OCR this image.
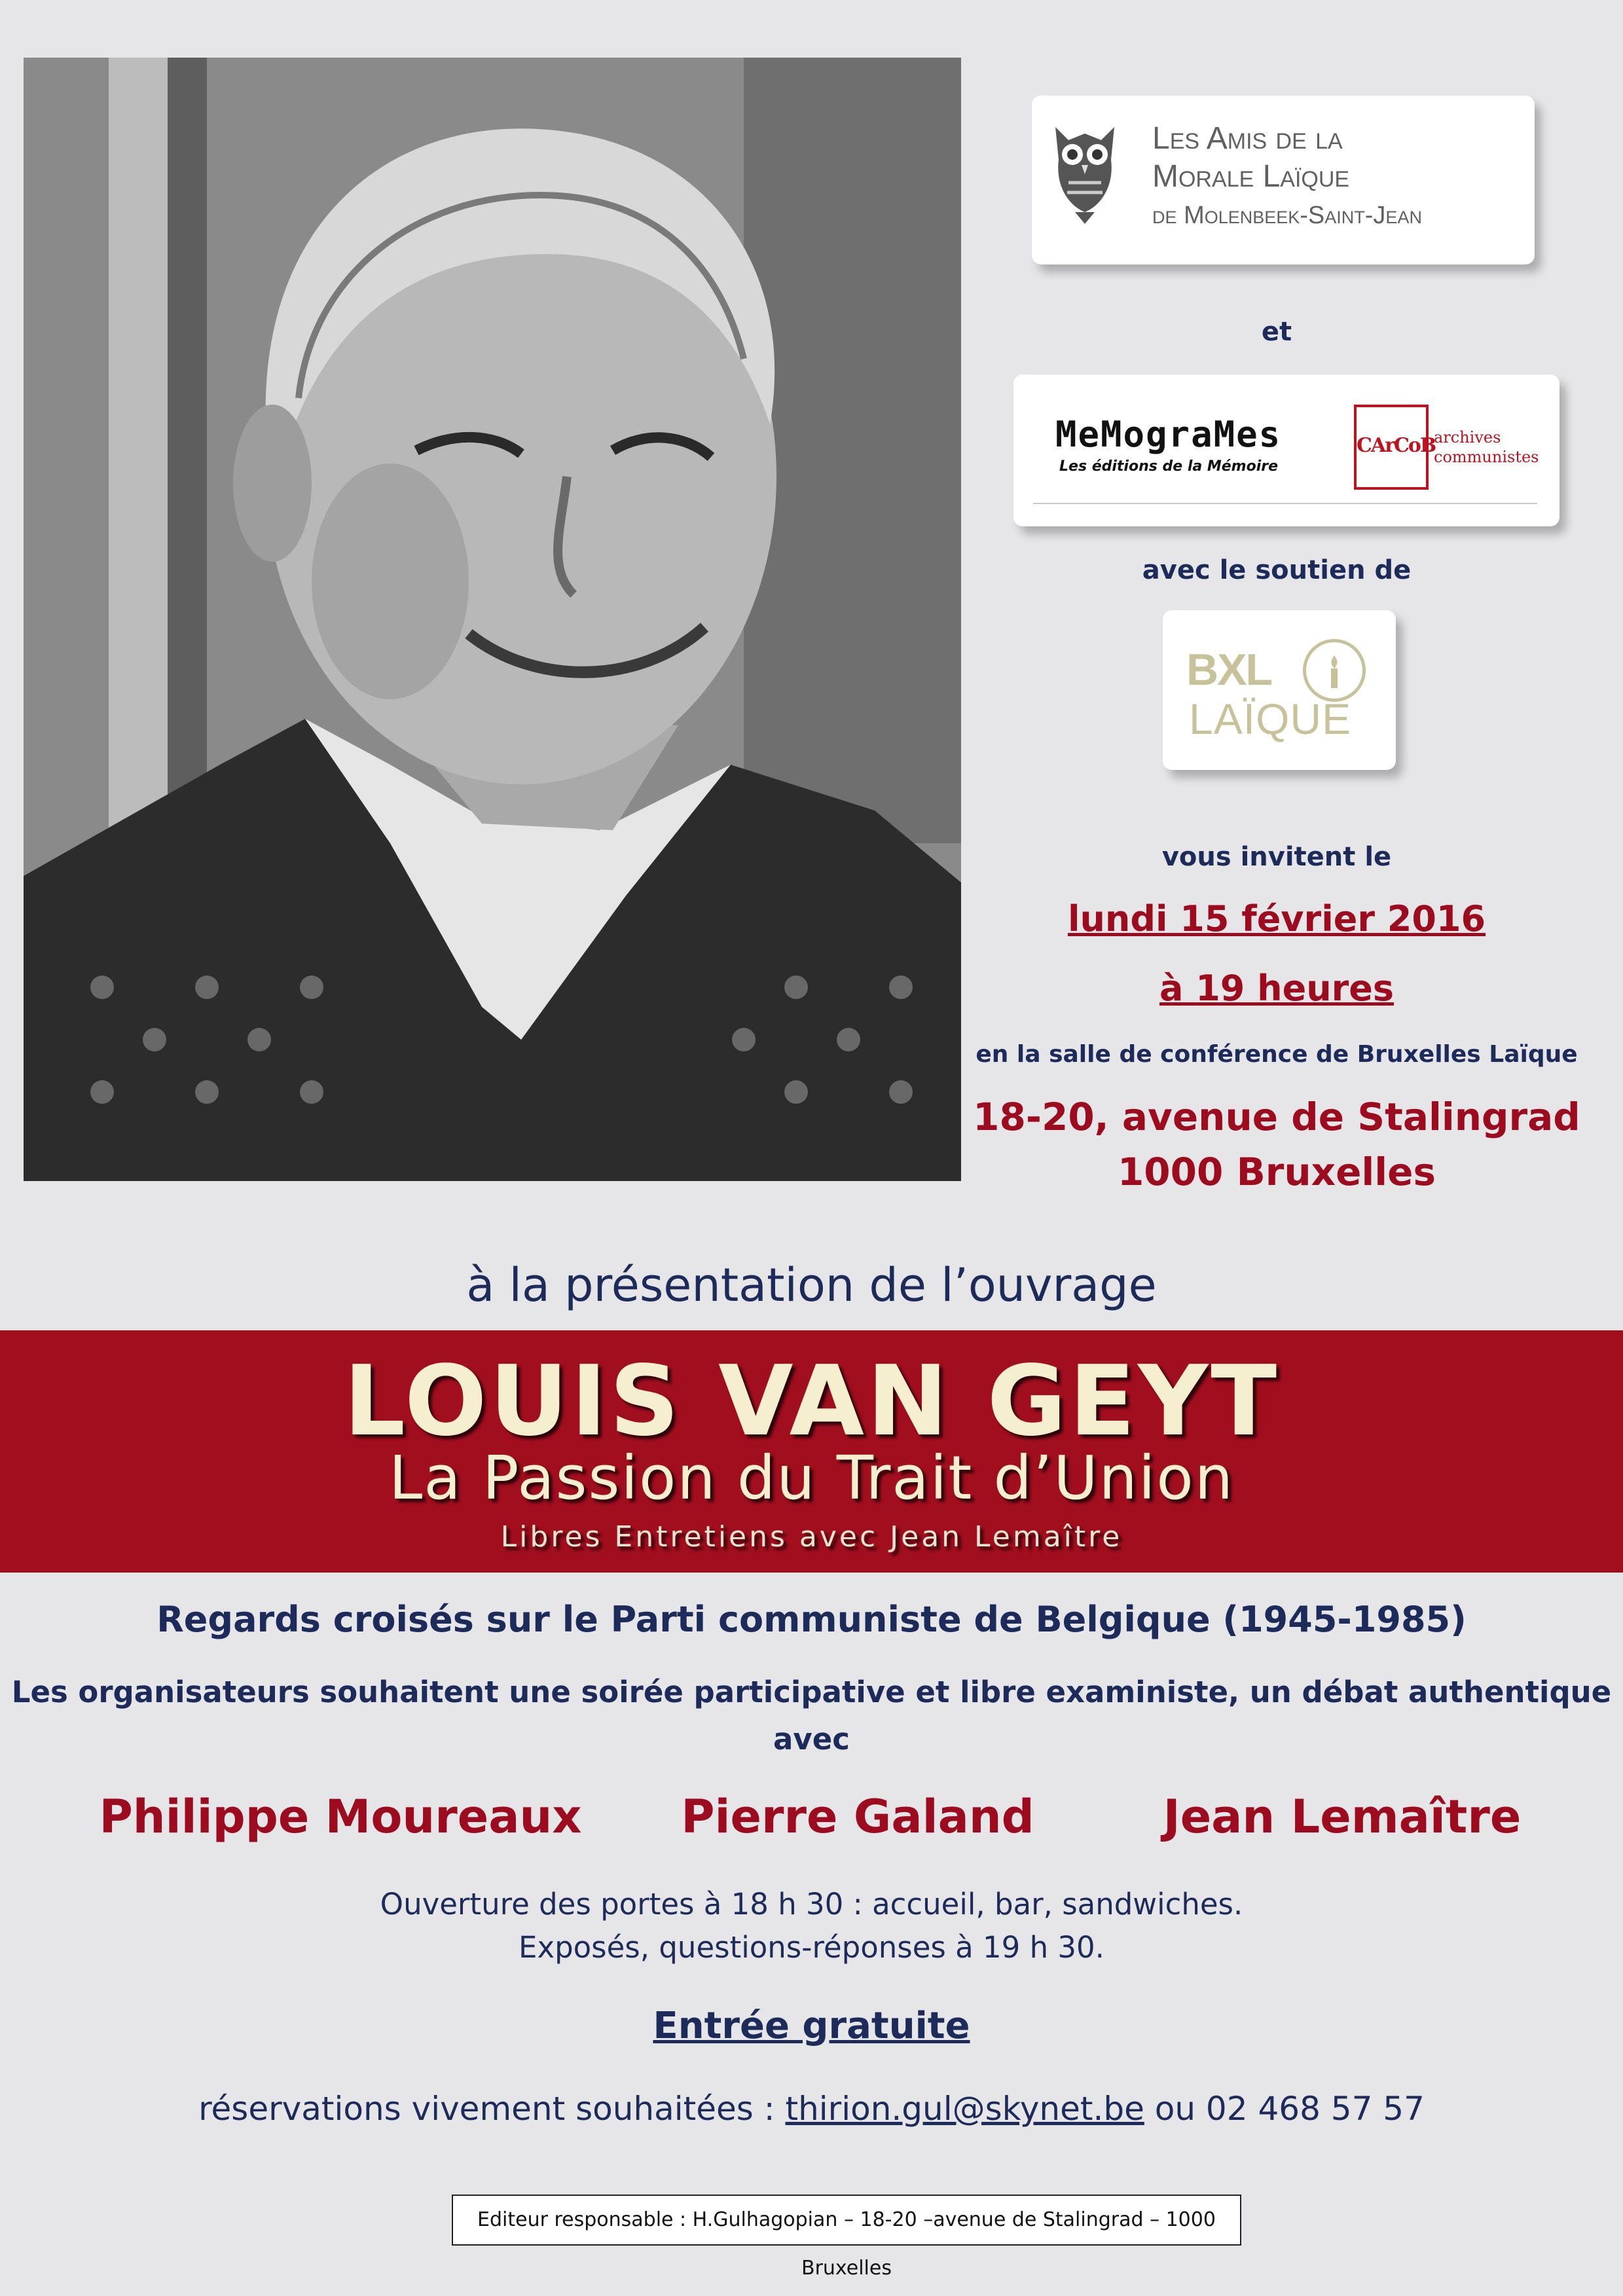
Les Amis de la
Morale Laïque
de Molenbeek-Saint-Jean
et
MeMograMes
Les éditions de la Mémoire
CArCoB
archives
communistes
avec le soutien de
BXL
LAÏQUE
vous invitent le
lundi 15 février 2016
à 19 heures
en la salle de conférence de Bruxelles Laïque
18-20, avenue de Stalingrad
1000 Bruxelles
à la présentation de l’ouvrage
LOUIS VAN GEYT
La Passion du Trait d’Union
Libres Entretiens avec Jean Lemaître
Regards croisés sur le Parti communiste de Belgique (1945-1985)
Les organisateurs souhaitent une soirée participative et libre exaministe, un débat authentique
avec
Philippe Moureaux	Pierre Galand	Jean Lemaître
Ouverture des portes à 18 h 30 : accueil, bar, sandwiches.
Exposés, questions-réponses à 19 h 30.
Entrée gratuite
réservations vivement souhaitées : thirion.gul@skynet.be ou 02 468 57 57
Editeur responsable : H.Gulhagopian – 18-20 –avenue de Stalingrad – 1000 Bruxelles
